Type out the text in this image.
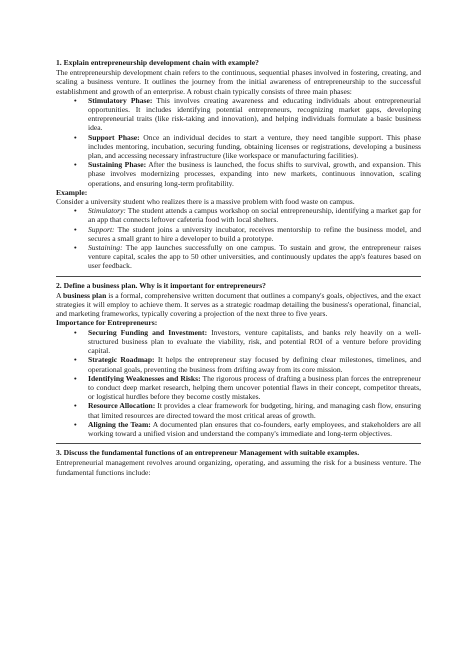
1. Explain entrepreneurship development chain with example?

The entrepreneurship development chain refers to the continuous, sequential phases involved in fostering, creating, and scaling a business venture. It outlines the journey from the initial awareness of entrepreneurship to the successful establishment and growth of an enterprise. A robust chain typically consists of three main phases:

• Stimulatory Phase: This involves creating awareness and educating individuals about entrepreneurial opportunities. It includes identifying potential entrepreneurs, recognizing market gaps, developing entrepreneurial traits (like risk-taking and innovation), and helping individuals formulate a basic business idea.
• Support Phase: Once an individual decides to start a venture, they need tangible support. This phase includes mentoring, incubation, securing funding, obtaining licenses or registrations, developing a business plan, and accessing necessary infrastructure (like workspace or manufacturing facilities).
• Sustaining Phase: After the business is launched, the focus shifts to survival, growth, and expansion. This phase involves modernizing processes, expanding into new markets, continuous innovation, scaling operations, and ensuring long-term profitability.
Example:

Consider a university student who realizes there is a massive problem with food waste on campus.

• Stimulatory: The student attends a campus workshop on social entrepreneurship, identifying a market gap for an app that connects leftover cafeteria food with local shelters.
• Support: The student joins a university incubator, receives mentorship to refine the business model, and secures a small grant to hire a developer to build a prototype.
• Sustaining: The app launches successfully on one campus. To sustain and grow, the entrepreneur raises venture capital, scales the app to 50 other universities, and continuously updates the app's features based on user feedback.
2. Define a business plan. Why is it important for entrepreneurs?

A business plan is a formal, comprehensive written document that outlines a company's goals, objectives, and the exact strategies it will employ to achieve them. It serves as a strategic roadmap detailing the business's operational, financial, and marketing frameworks, typically covering a projection of the next three to five years.

Importance for Entrepreneurs:
• Securing Funding and Investment: Investors, venture capitalists, and banks rely heavily on a well-structured business plan to evaluate the viability, risk, and potential ROI of a venture before providing capital.
• Strategic Roadmap: It helps the entrepreneur stay focused by defining clear milestones, timelines, and operational goals, preventing the business from drifting away from its core mission.
• Identifying Weaknesses and Risks: The rigorous process of drafting a business plan forces the entrepreneur to conduct deep market research, helping them uncover potential flaws in their concept, competitor threats, or logistical hurdles before they become costly mistakes.
• Resource Allocation: It provides a clear framework for budgeting, hiring, and managing cash flow, ensuring that limited resources are directed toward the most critical areas of growth.
• Aligning the Team: A documented plan ensures that co-founders, early employees, and stakeholders are all working toward a unified vision and understand the company's immediate and long-term objectives.
3. Discuss the fundamental functions of an entrepreneur Management with suitable examples.

Entrepreneurial management revolves around organizing, operating, and assuming the risk for a business venture. The fundamental functions include:
